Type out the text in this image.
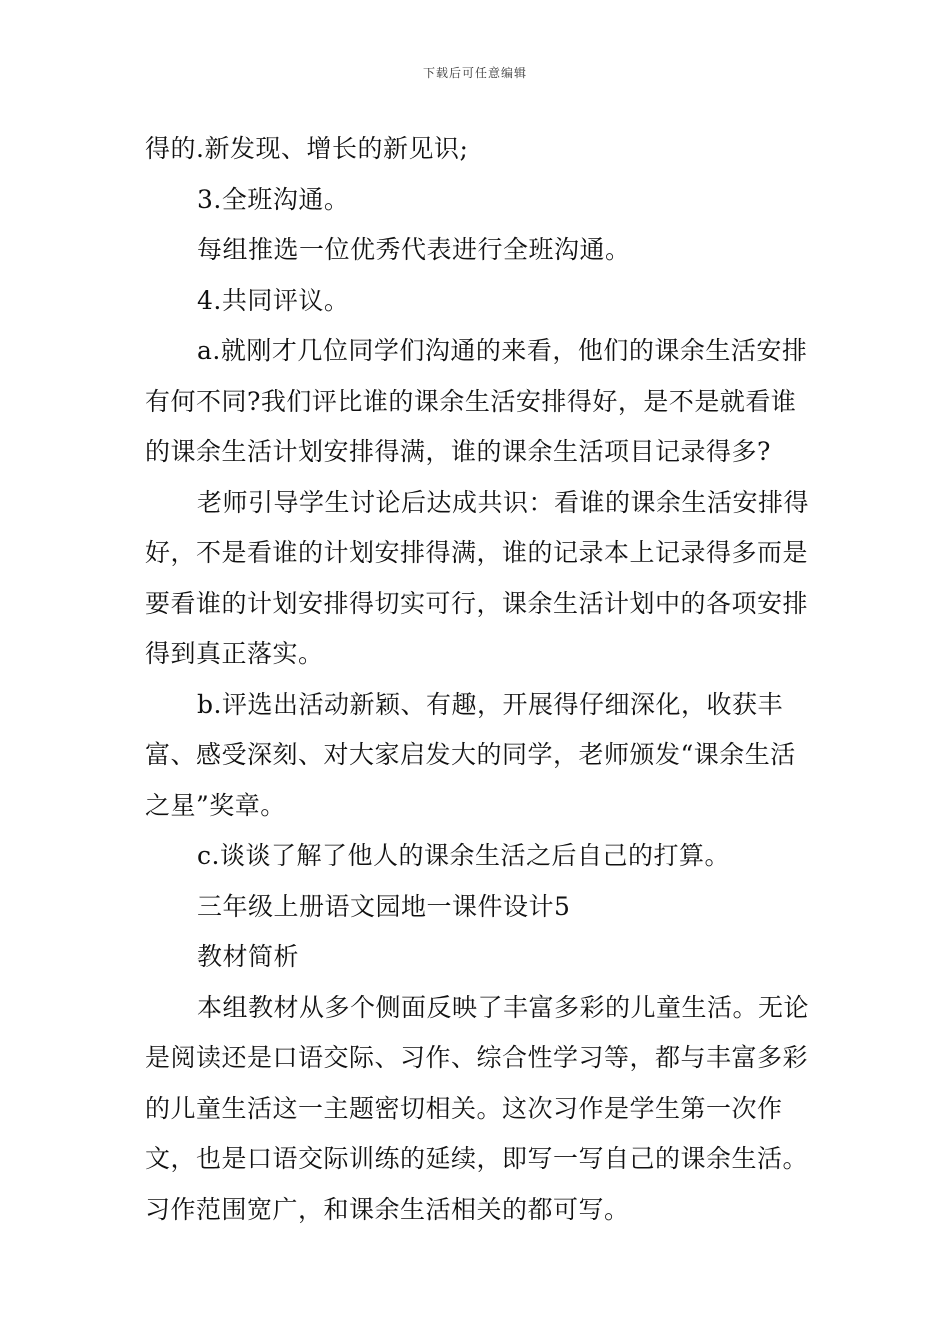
下载后可任意编辑

得的.新发现、增长的新见识;

3.全班沟通。

每组推选一位优秀代表进行全班沟通。

4.共同评议。

a.就刚才几位同学们沟通的来看，他们的课余生活安排有何不同?我们评比谁的课余生活安排得好，是不是就看谁的课余生活计划安排得满，谁的课余生活项目记录得多?

老师引导学生讨论后达成共识：看谁的课余生活安排得好，不是看谁的计划安排得满，谁的记录本上记录得多而是要看谁的计划安排得切实可行，课余生活计划中的各项安排得到真正落实。

b.评选出活动新颖、有趣，开展得仔细深化，收获丰富、感受深刻、对大家启发大的同学，老师颁发“课余生活之星”奖章。

c.谈谈了解了他人的课余生活之后自己的打算。

三年级上册语文园地一课件设计5

教材简析

本组教材从多个侧面反映了丰富多彩的儿童生活。无论是阅读还是口语交际、习作、综合性学习等，都与丰富多彩的儿童生活这一主题密切相关。这次习作是学生第一次作文，也是口语交际训练的延续，即写一写自己的课余生活。习作范围宽广，和课余生活相关的都可写。
